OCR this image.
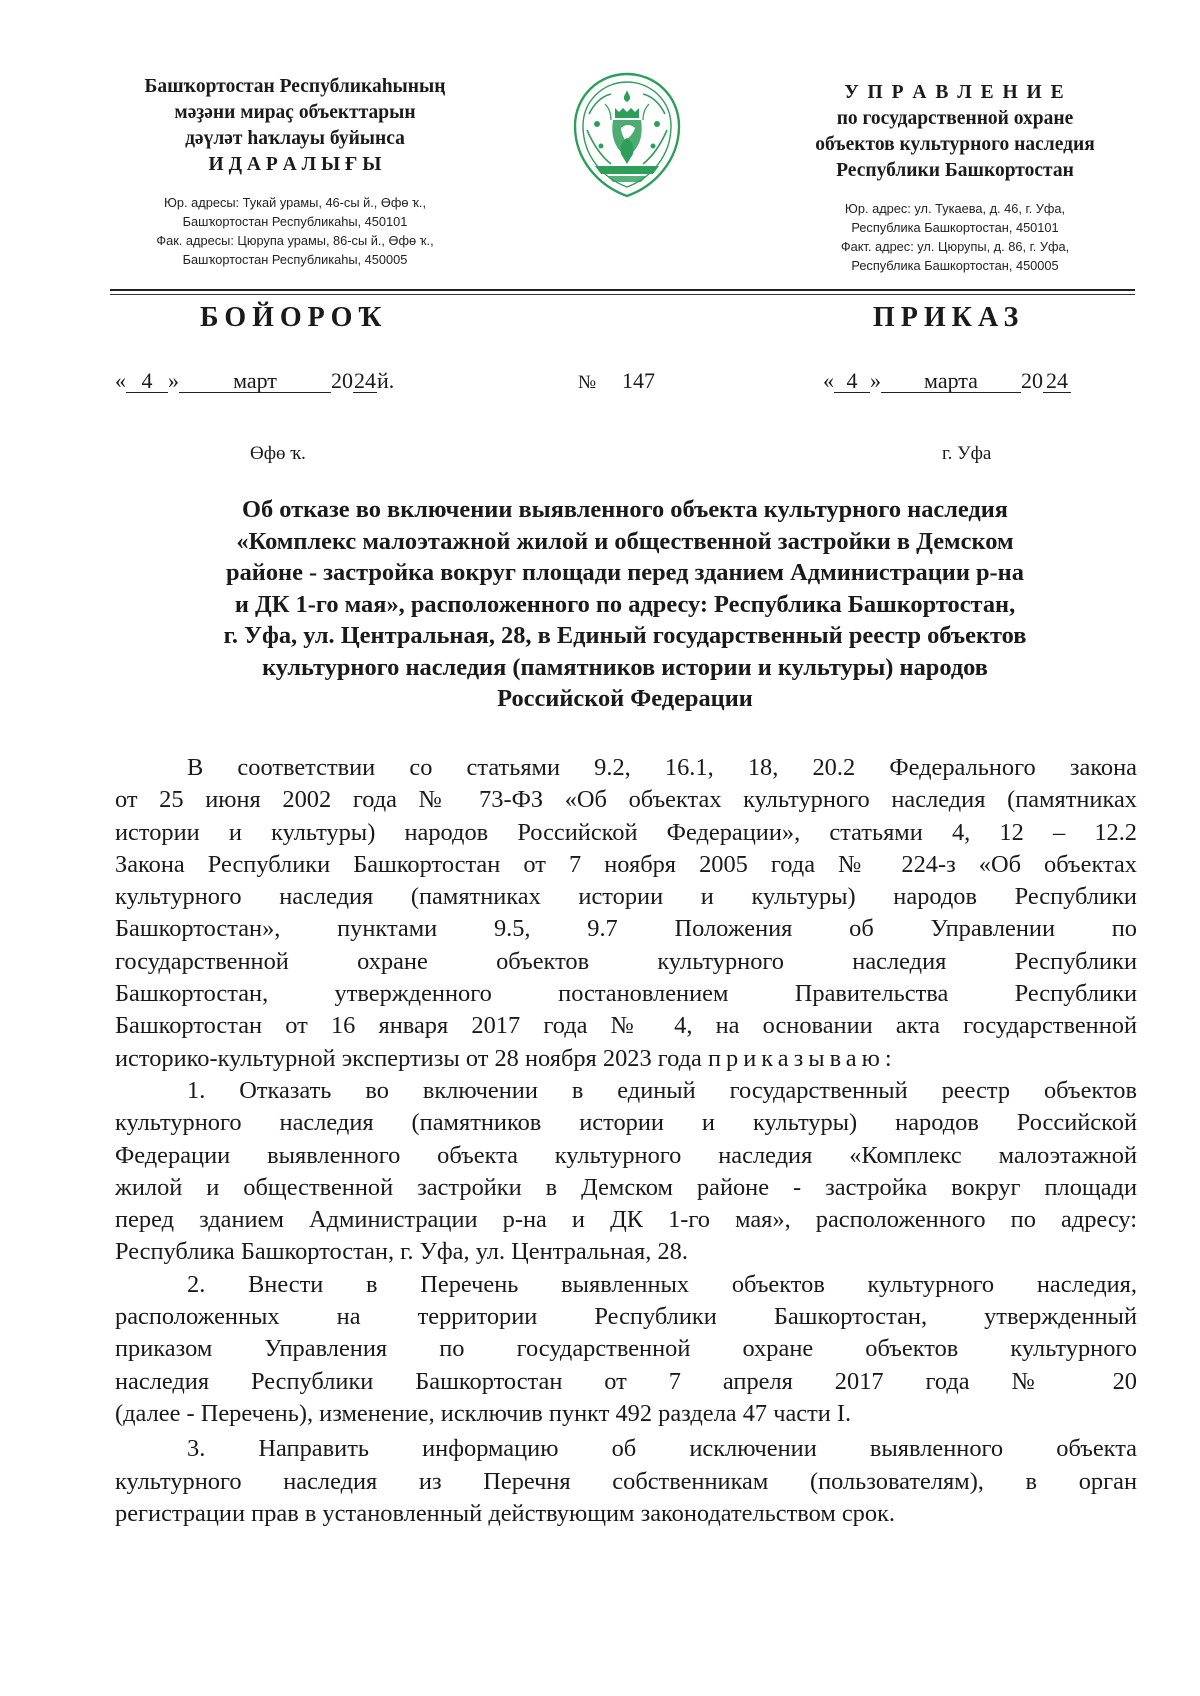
Башҡортостан Республикаһының
мәҙәни мираҫ объекттарын
дәүләт һаҡлауы буйынса
И Д А Р А Л Ы Ғ Ы
Юр. адресы: Тукай урамы, 46-сы й., Өфө ҡ.,
Башҡортостан Республикаһы, 450101
Фак. адресы: Цюрупа урамы, 86-сы й., Өфө ҡ.,
Башҡортостан Республикаһы, 450005
У П Р А В Л Е Н И Е
по государственной охране
объектов культурного наследия
Республики Башкортостан
Юр. адрес: ул. Тукаева, д. 46, г. Уфа,
Республика Башкортостан, 450101
Факт. адрес: ул. Цюрупы, д. 86, г. Уфа,
Республика Башкортостан, 450005
БОЙОРОҠ	ПРИКАЗ
« 4 » март 2024й.	№ 147	« 4 » марта 20 24
Өфө ҡ.	г. Уфа
Об отказе во включении выявленного объекта культурного наследия
«Комплекс малоэтажной жилой и общественной застройки в Демском
районе - застройка вокруг площади перед зданием Администрации р-на
и ДК 1-го мая», расположенного по адресу: Республика Башкортостан,
г. Уфа, ул. Центральная, 28, в Единый государственный реестр объектов
культурного наследия (памятников истории и культуры) народов
Российской Федерации
В соответствии со статьями 9.2, 16.1, 18, 20.2 Федерального закона
от 25 июня 2002 года № 73-ФЗ «Об объектах культурного наследия (памятниках
истории и культуры) народов Российской Федерации», статьями 4, 12 – 12.2
Закона Республики Башкортостан от 7 ноября 2005 года № 224-з «Об объектах
культурного наследия (памятниках истории и культуры) народов Республики
Башкортостан», пунктами 9.5, 9.7 Положения об Управлении по
государственной охране объектов культурного наследия Республики
Башкортостан, утвержденного постановлением Правительства Республики
Башкортостан от 16 января 2017 года № 4, на основании акта государственной
историко-культурной экспертизы от 28 ноября 2023 года приказываю:
1. Отказать во включении в единый государственный реестр объектов
культурного наследия (памятников истории и культуры) народов Российской
Федерации выявленного объекта культурного наследия «Комплекс малоэтажной
жилой и общественной застройки в Демском районе - застройка вокруг площади
перед зданием Администрации р-на и ДК 1-го мая», расположенного по адресу:
Республика Башкортостан, г. Уфа, ул. Центральная, 28.
2. Внести в Перечень выявленных объектов культурного наследия,
расположенных на территории Республики Башкортостан, утвержденный
приказом Управления по государственной охране объектов культурного
наследия Республики Башкортостан от 7 апреля 2017 года № 20
(далее - Перечень), изменение, исключив пункт 492 раздела 47 части I.
3. Направить информацию об исключении выявленного объекта
культурного наследия из Перечня собственникам (пользователям), в орган
регистрации прав в установленный действующим законодательством срок.
